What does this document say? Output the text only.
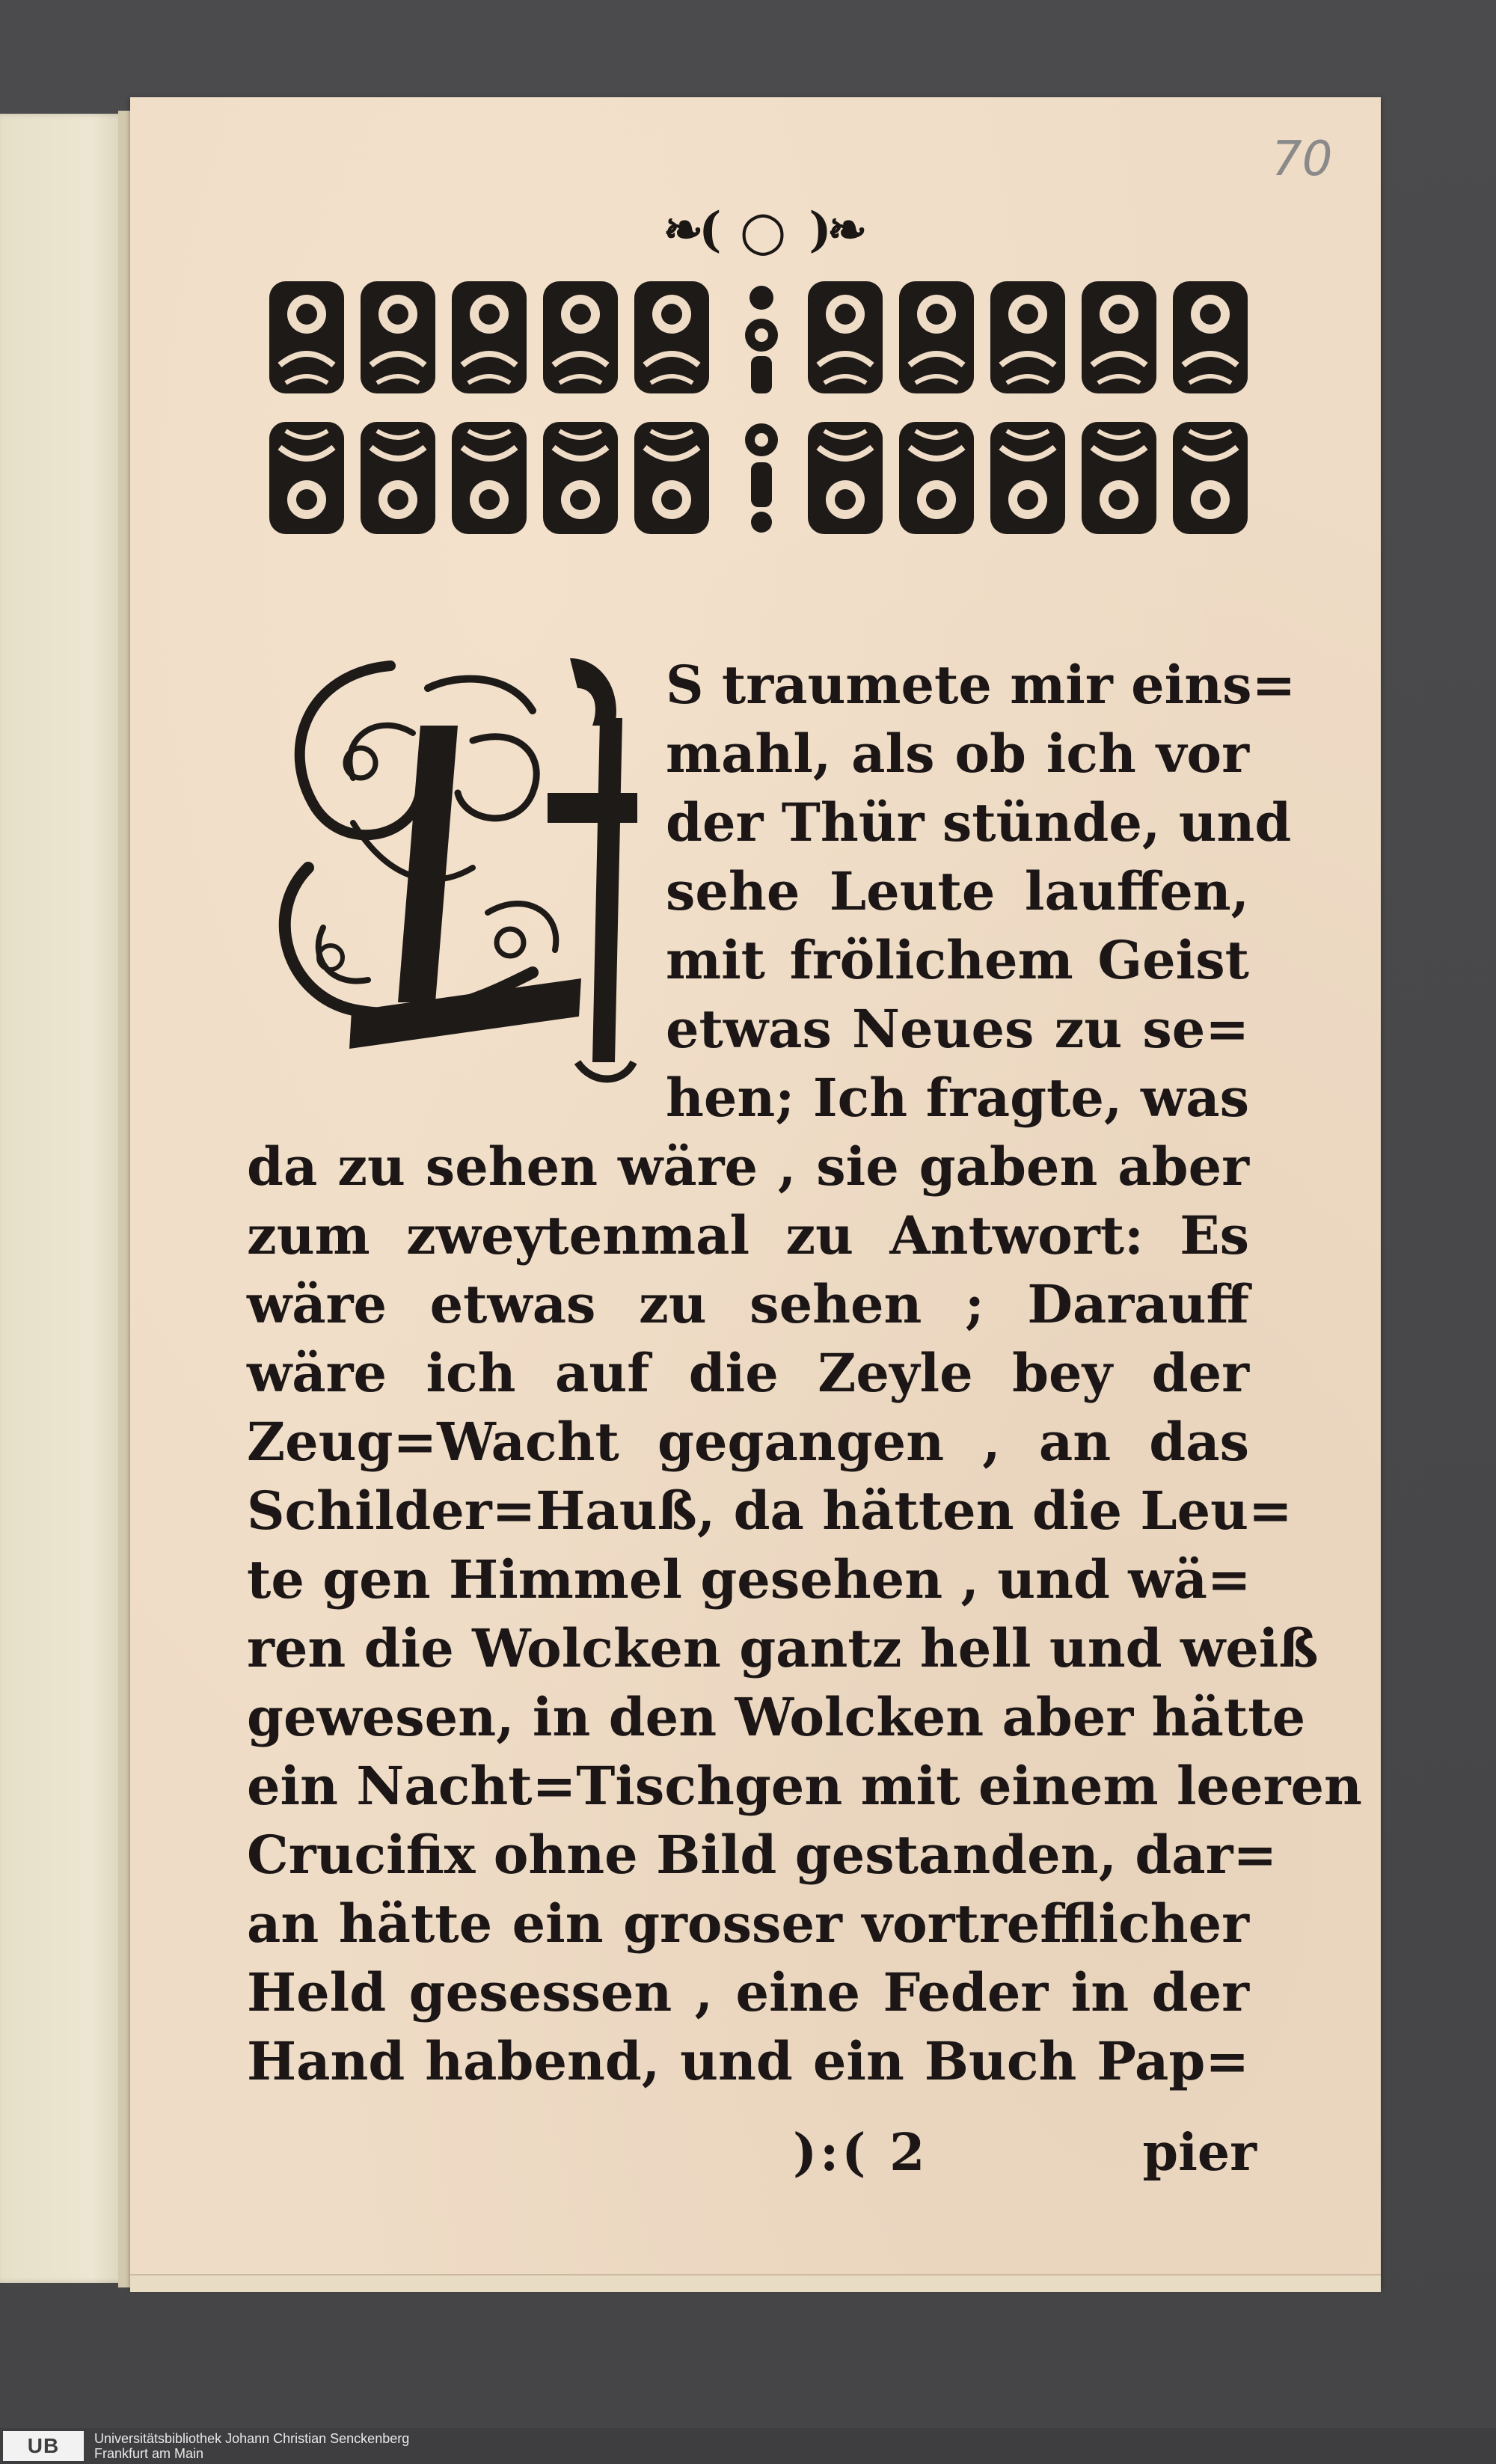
70
❧( ○ )❧
S traumete mir eins=
mahl, als ob ich vor
der Thür stünde, und
sehe Leute lauffen,
mit frölichem Geist
etwas Neues zu se=
hen; Ich fragte, was
da zu sehen wäre , sie gaben aber
zum zweytenmal zu Antwort: Es
wäre etwas zu sehen ; Darauff
wäre ich auf die Zeyle bey der
Zeug=Wacht gegangen , an das
Schilder=Hauß, da hätten die Leu=
te gen Himmel gesehen , und wä=
ren die Wolcken gantz hell und weiß
gewesen, in den Wolcken aber hätte
ein Nacht=Tischgen mit einem leeren
Crucifix ohne Bild gestanden, dar=
an hätte ein grosser vortrefflicher
Held gesessen , eine Feder in der
Hand habend, und ein Buch Pap=
):( 2	pier
UB	Universitätsbibliothek Johann Christian Senckenberg
Frankfurt am Main
